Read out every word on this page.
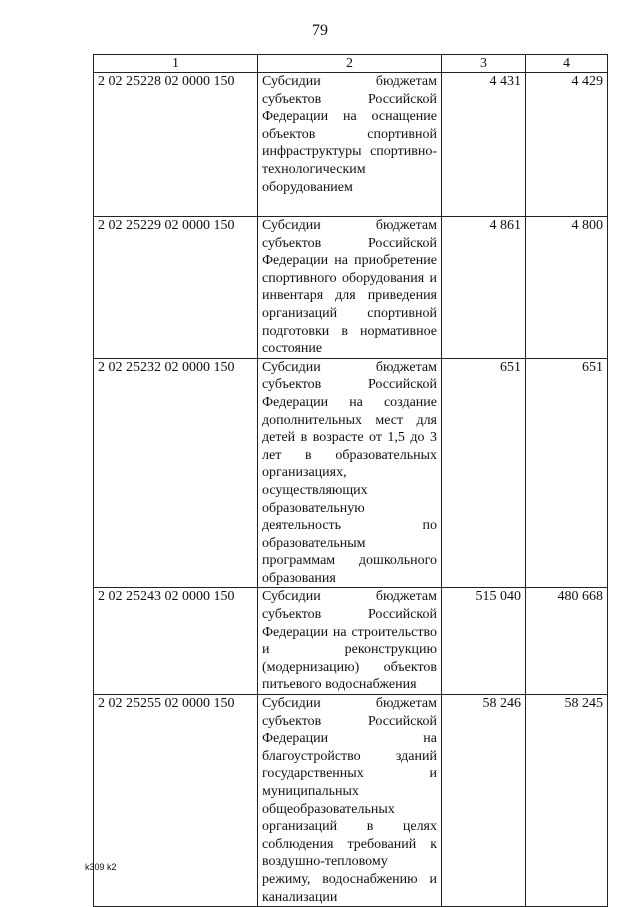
79
1	2	3	4
2 02 25228 02 0000 150	Субсидии бюджетам субъектов Российской Федерации на оснащение объектов спортивной инфраструктуры спортивно-технологическим оборудованием	4 431	4 429
2 02 25229 02 0000 150	Субсидии бюджетам субъектов Российской Федерации на приобретение спортивного оборудования и инвентаря для приведения организаций спортивной подготовки в нормативное состояние	4 861	4 800
2 02 25232 02 0000 150	Субсидии бюджетам субъектов Российской Федерации на создание дополнительных мест для детей в возрасте от 1,5 до 3 лет в образовательных организациях, осуществляющих образовательную деятельность по образовательным программам дошкольного образования	651	651
2 02 25243 02 0000 150	Субсидии бюджетам субъектов Российской Федерации на строительство и реконструкцию (модернизацию) объектов питьевого водоснабжения	515 040	480 668
2 02 25255 02 0000 150	Субсидии бюджетам субъектов Российской Федерации на благоустройство зданий государственных и муниципальных общеобразовательных организаций в целях соблюдения требований к воздушно-тепловому режиму, водоснабжению и канализации	58 246	58 245
k309 k2
